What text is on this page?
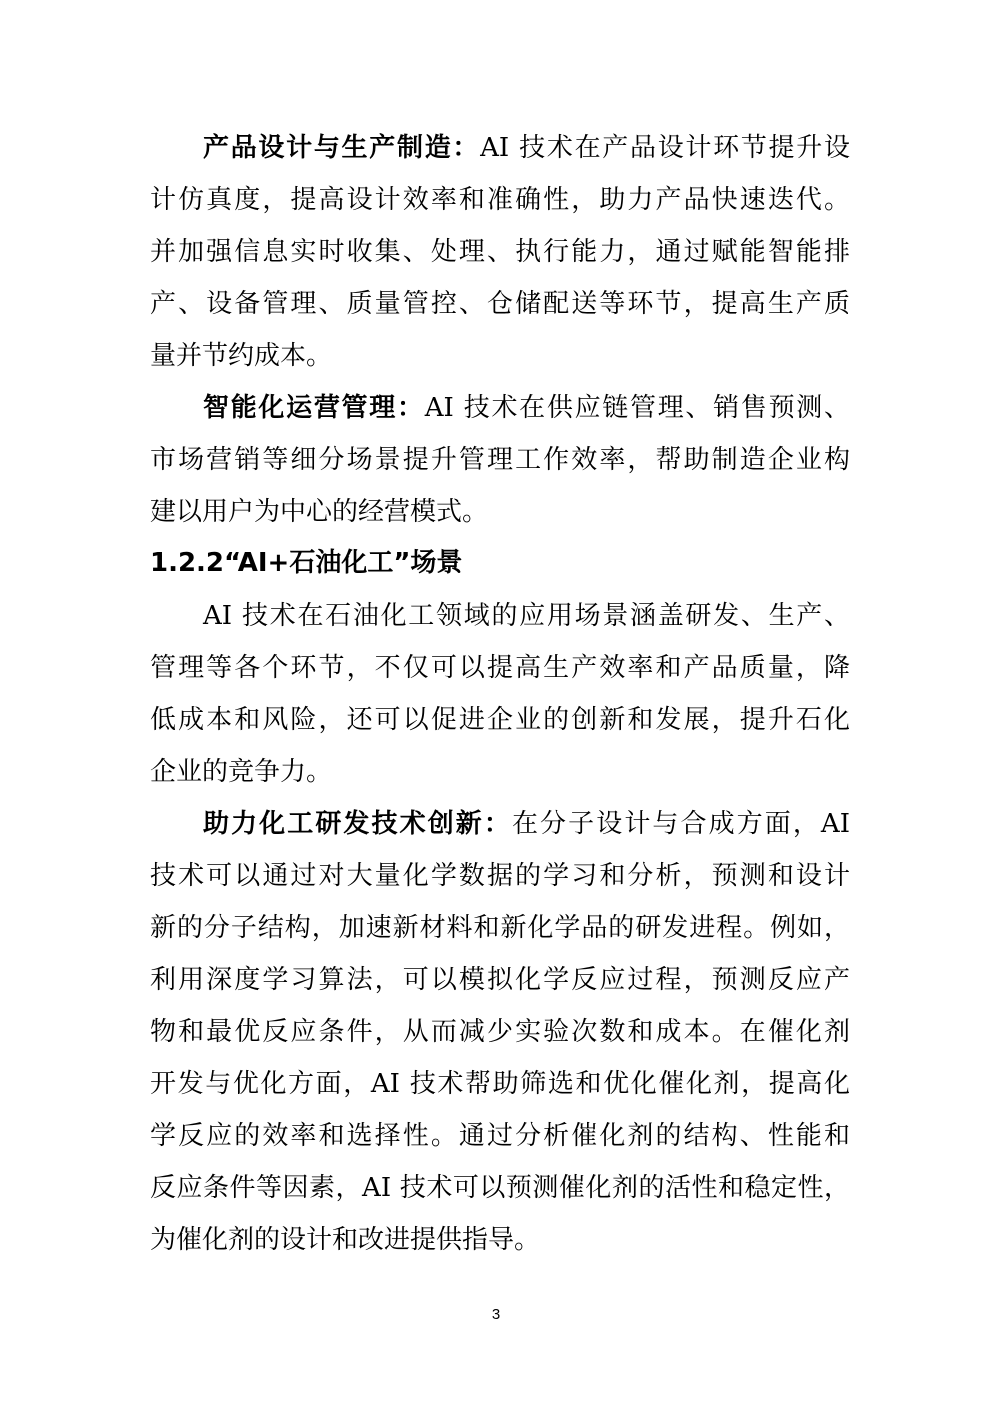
产品设计与生产制造：AI 技术在产品设计环节提升设
计仿真度，提高设计效率和准确性，助力产品快速迭代。
并加强信息实时收集、处理、执行能力，通过赋能智能排
产、设备管理、质量管控、仓储配送等环节，提高生产质
量并节约成本。
智能化运营管理：AI 技术在供应链管理、销售预测、
市场营销等细分场景提升管理工作效率，帮助制造企业构
建以用户为中心的经营模式。
1.2.2“AI+石油化工”场景
AI 技术在石油化工领域的应用场景涵盖研发、生产、
管理等各个环节，不仅可以提高生产效率和产品质量，降
低成本和风险，还可以促进企业的创新和发展，提升石化
企业的竞争力。
助力化工研发技术创新：在分子设计与合成方面，AI
技术可以通过对大量化学数据的学习和分析，预测和设计
新的分子结构，加速新材料和新化学品的研发进程。例如，
利用深度学习算法，可以模拟化学反应过程，预测反应产
物和最优反应条件，从而减少实验次数和成本。在催化剂
开发与优化方面，AI 技术帮助筛选和优化催化剂，提高化
学反应的效率和选择性。通过分析催化剂的结构、性能和
反应条件等因素，AI 技术可以预测催化剂的活性和稳定性，
为催化剂的设计和改进提供指导。
3
